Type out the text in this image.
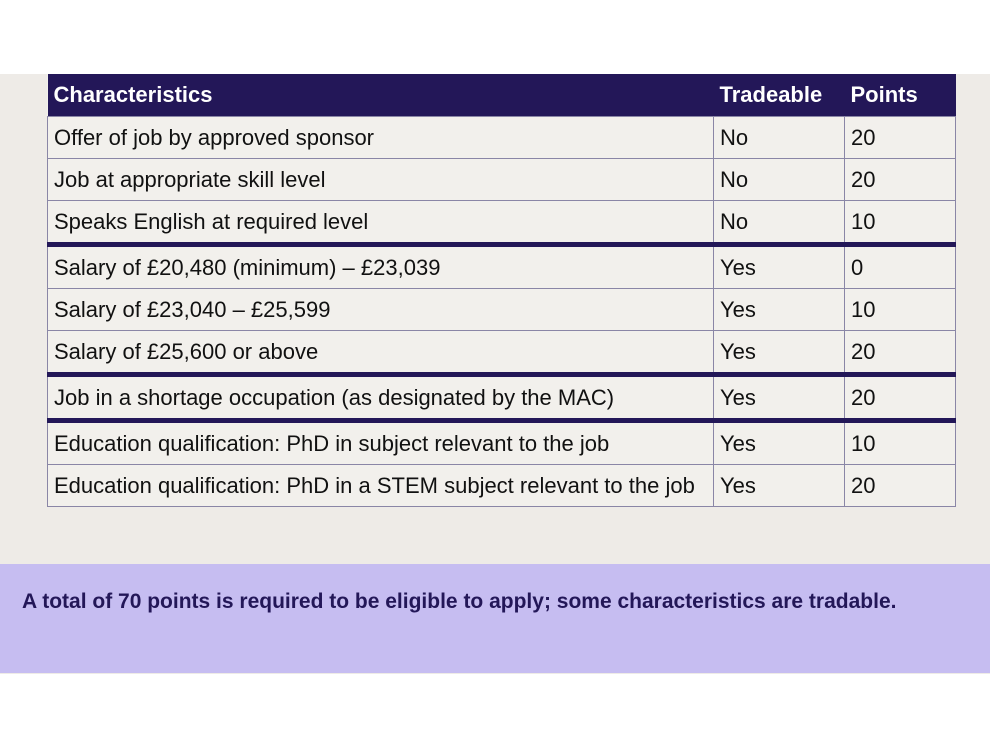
Characteristics	Tradeable	Points
Offer of job by approved sponsor	No	20
Job at appropriate skill level	No	20
Speaks English at required level	No	10
Salary of £20,480 (minimum) – £23,039	Yes	0
Salary of £23,040 – £25,599	Yes	10
Salary of £25,600 or above	Yes	20
Job in a shortage occupation (as designated by the MAC)	Yes	20
Education qualification: PhD in subject relevant to the job	Yes	10
Education qualification: PhD in a STEM subject relevant to the job	Yes	20
A total of 70 points is required to be eligible to apply; some characteristics are tradable.
